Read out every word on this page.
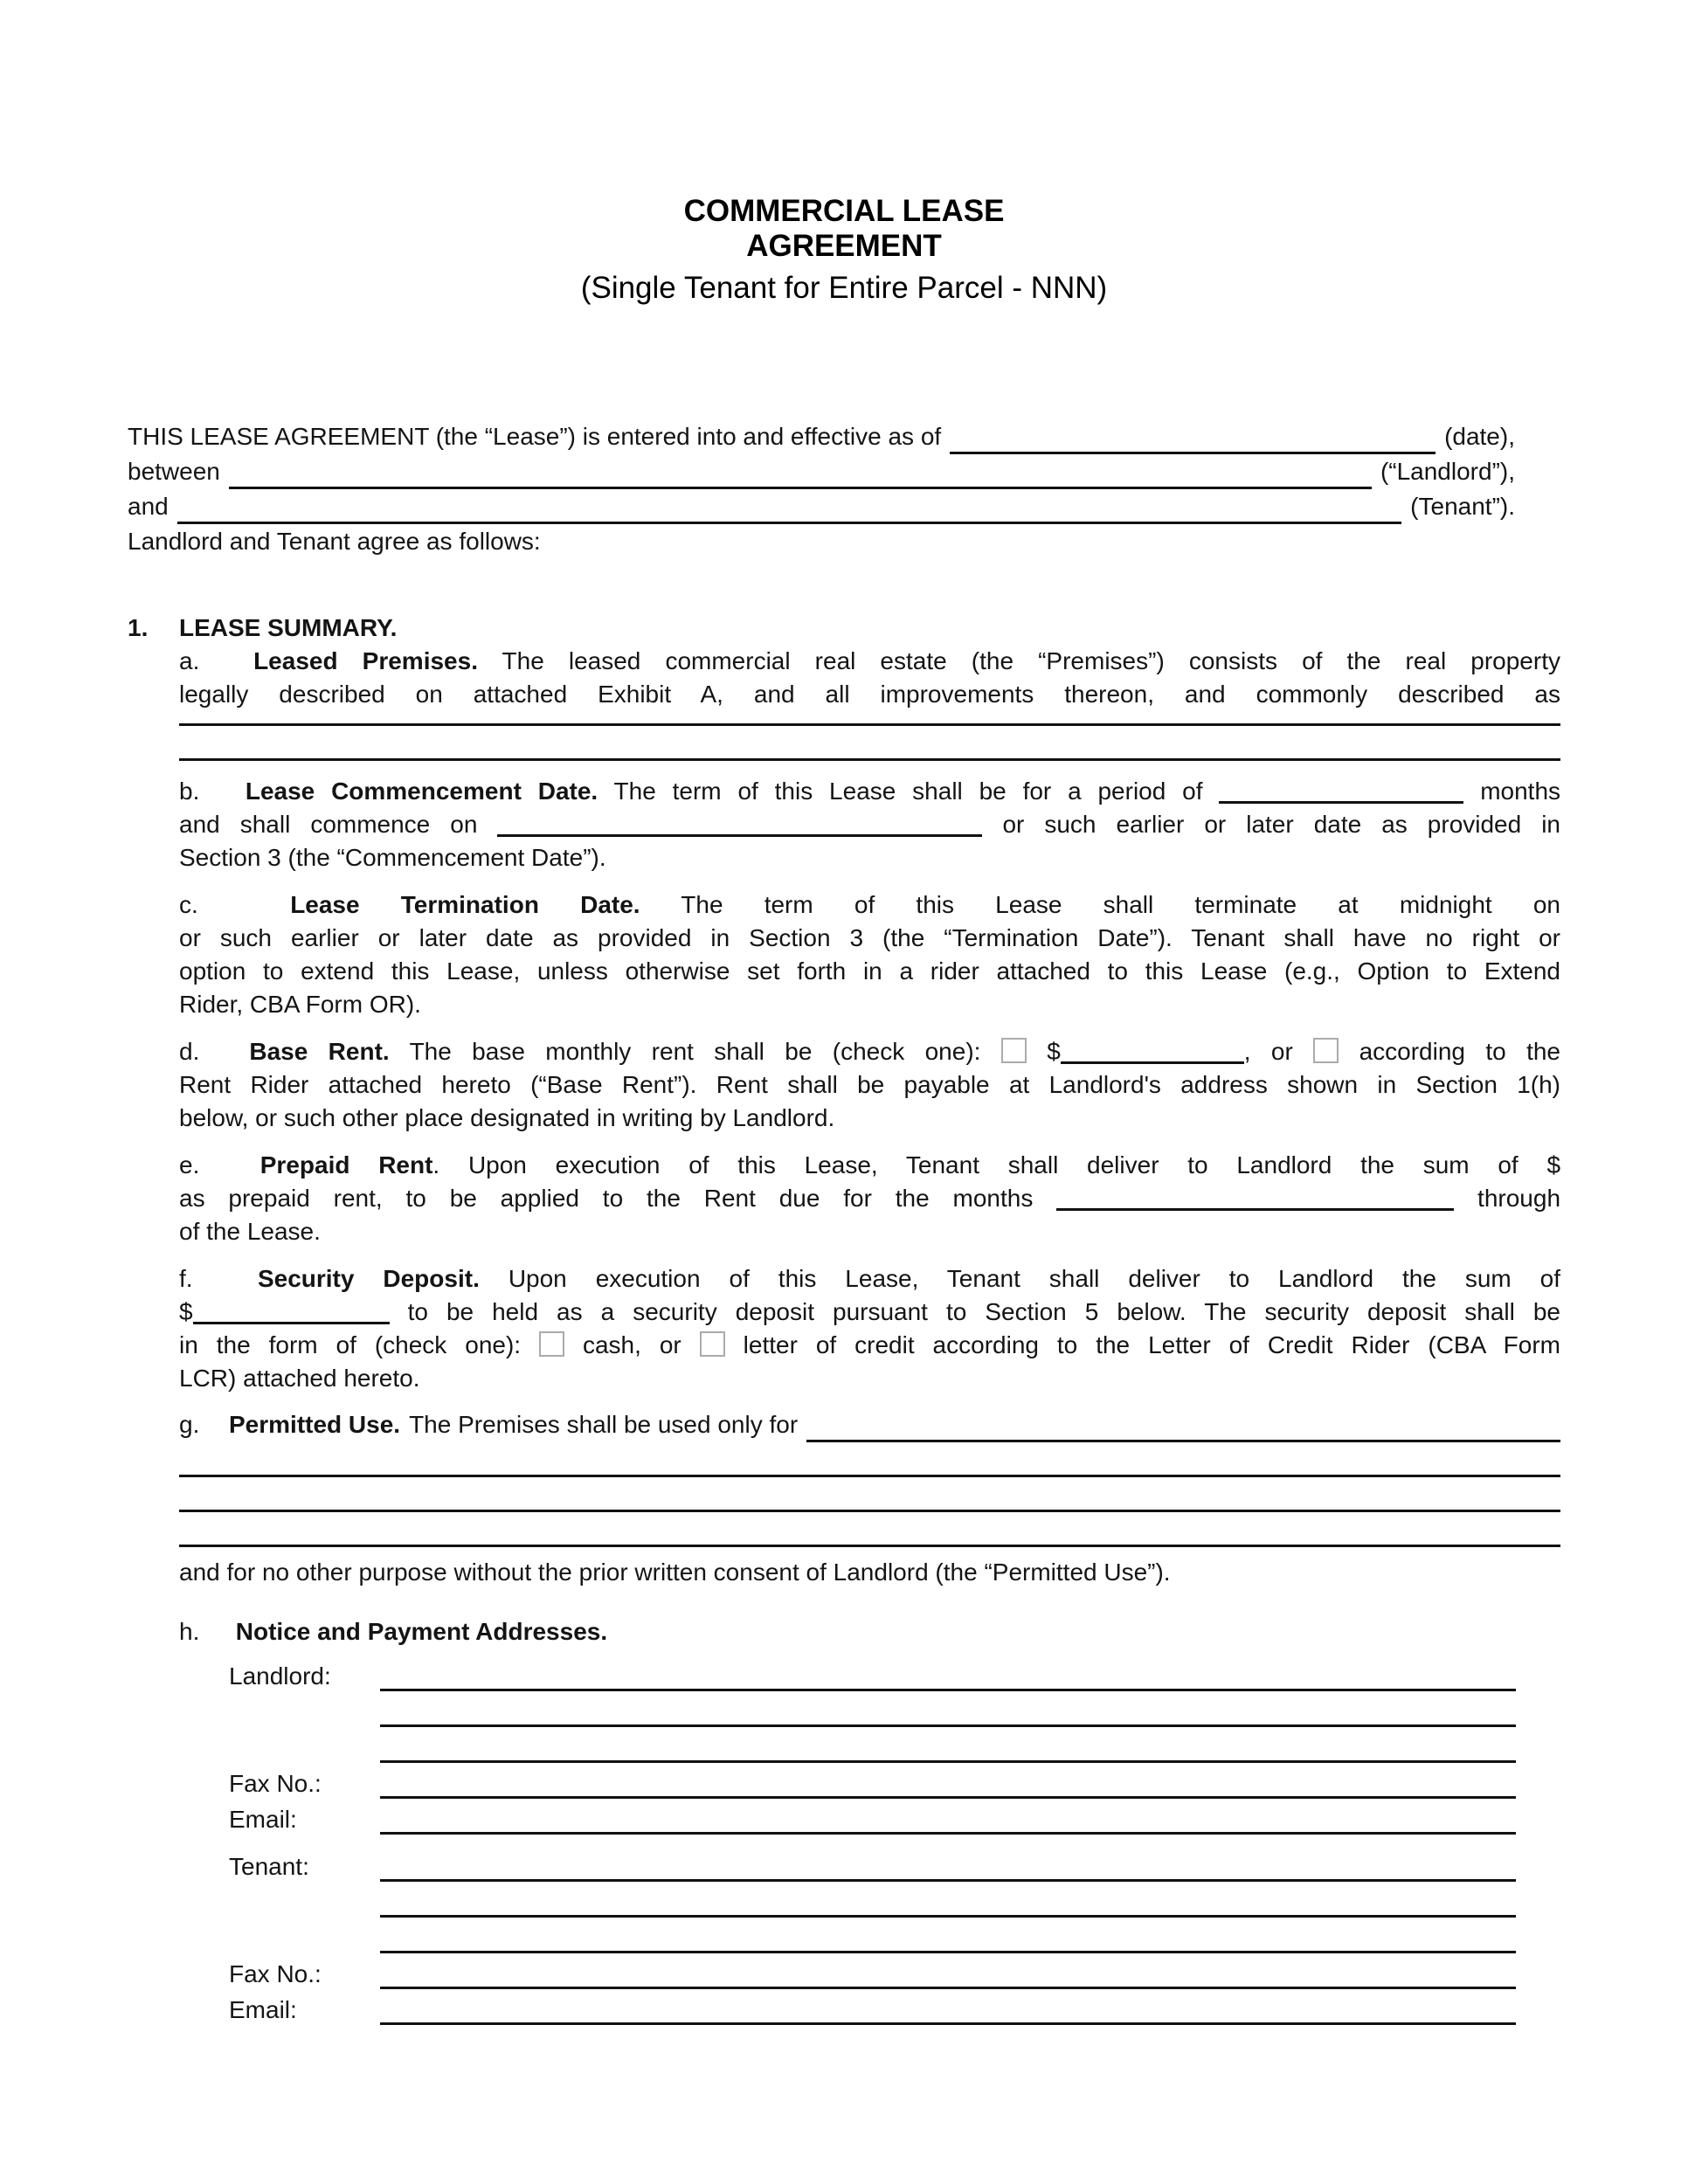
COMMERCIAL LEASE
AGREEMENT
(Single Tenant for Entire Parcel - NNN)
THIS LEASE AGREEMENT (the “Lease”) is entered into and effective as of	(date),
between	(“Landlord”),
and	(Tenant”).
Landlord and Tenant agree as follows:
1.	LEASE SUMMARY.
a. Leased Premises. The leased commercial real estate (the “Premises”) consists of the real property
legally described on attached Exhibit A, and all improvements thereon, and commonly described as
b. Lease Commencement Date. The term of this Lease shall be for a period of	months
and shall commence on	or such earlier or later date as provided in
Section 3 (the “Commencement Date”).
c.	Lease Termination Date. The term of this Lease shall terminate at midnight on
or such earlier or later date as provided in Section 3 (the “Termination Date”). Tenant shall have no right or
option to extend this Lease, unless otherwise set forth in a rider attached to this Lease (e.g., Option to Extend
Rider, CBA Form OR).
d. Base Rent. The base monthly rent shall be (check one):	$	, or	according to the
Rent Rider attached hereto (“Base Rent”). Rent shall be payable at Landlord's address shown in Section 1(h)
below, or such other place designated in writing by Landlord.
e. Prepaid Rent. Upon execution of this Lease, Tenant shall deliver to Landlord the sum of $
as prepaid rent, to be applied to the Rent due for the months	through
of the Lease.
f.	Security Deposit. Upon execution of this Lease, Tenant shall deliver to Landlord the sum of
$	to be held as a security deposit pursuant to Section 5 below. The security deposit shall be
in the form of (check one):	cash, or	letter of credit according to the Letter of Credit Rider (CBA Form
LCR) attached hereto.
g.	Permitted Use. The Premises shall be used only for
and for no other purpose without the prior written consent of Landlord (the “Permitted Use”).
h. Notice and Payment Addresses.
Landlord:
Fax No.:
Email:
Tenant:
Fax No.:
Email:
